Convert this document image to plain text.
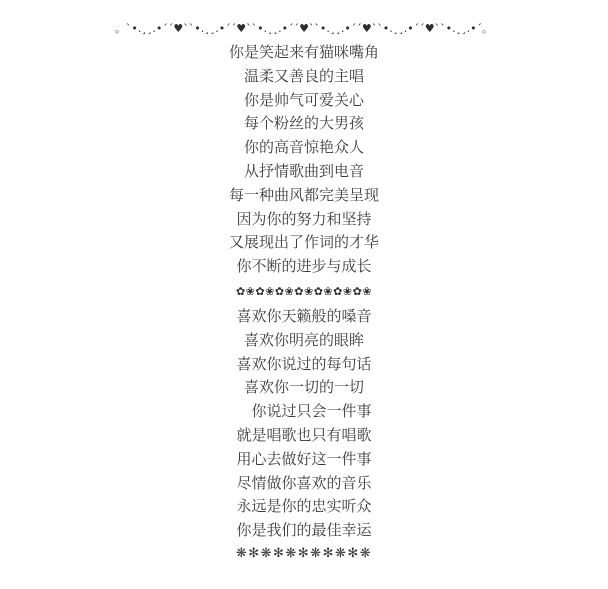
。`•.¸¸.•´´♥``•.¸¸.•´´♥``•.¸¸.•´´♥``•.¸¸.•´´♥``•.¸¸.•´´♥``•.¸¸.•´。
你是笑起来有猫咪嘴角
温柔又善良的主唱
你是帅气可爱关心
每个粉丝的大男孩
你的高音惊艳众人
从抒情歌曲到电音
每一种曲风都完美呈现
因为你的努力和坚持
又展现出了作词的才华
你不断的进步与成长
✿❀✿❀✿❀✿❀✿❀✿❀✿❀
喜欢你天籁般的嗓音
喜欢你明亮的眼眸
喜欢你说过的每句话
喜欢你一切的一切
　你说过只会一件事
就是唱歌也只有唱歌
用心去做好这一件事
尽情做你喜欢的音乐
永远是你的忠实听众
你是我们的最佳幸运
❋✻❋✻❋✻❋✻❋✻❋
